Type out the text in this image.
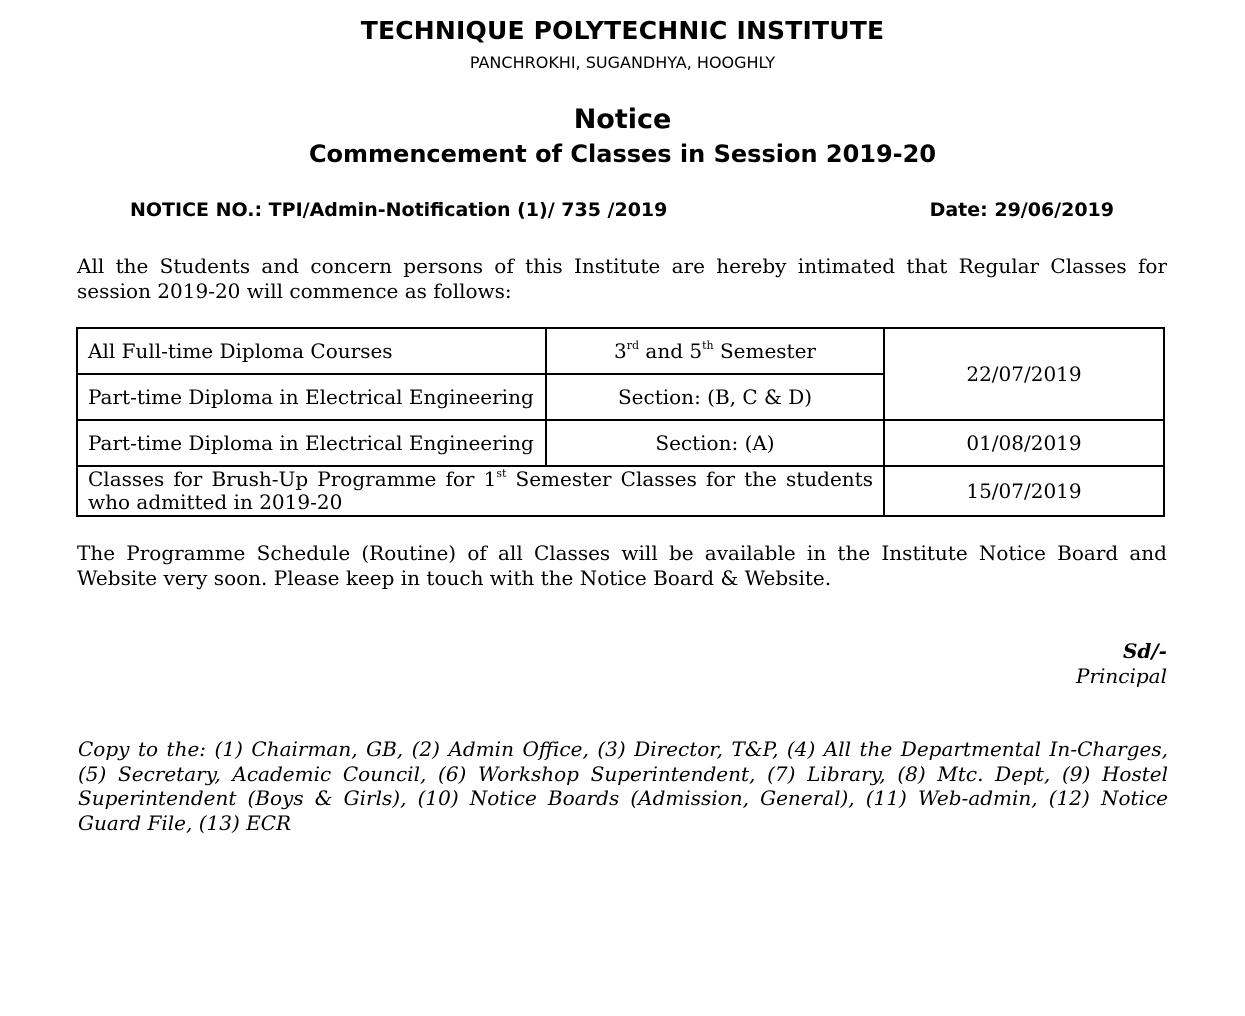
TECHNIQUE POLYTECHNIC INSTITUTE
PANCHROKHI, SUGANDHYA, HOOGHLY
Notice
Commencement of Classes in Session 2019-20
NOTICE NO.: TPI/Admin-Notification (1)/ 735 /2019	Date: 29/06/2019
All the Students and concern persons of this Institute are hereby intimated that Regular Classes for session 2019-20 will commence as follows:
All Full-time Diploma Courses	3rd and 5th Semester	22/07/2019
Part-time Diploma in Electrical Engineering	Section: (B, C & D)	
Part-time Diploma in Electrical Engineering	Section: (A)	01/08/2019
Classes for Brush-Up Programme for 1st Semester Classes for the students who admitted in 2019-20		15/07/2019
The Programme Schedule (Routine) of all Classes will be available in the Institute Notice Board and Website very soon. Please keep in touch with the Notice Board & Website.
Sd/-
Principal
Copy to the: (1) Chairman, GB, (2) Admin Office, (3) Director, T&P, (4) All the Departmental In-Charges, (5) Secretary, Academic Council, (6) Workshop Superintendent, (7) Library, (8) Mtc. Dept, (9) Hostel Superintendent (Boys & Girls), (10) Notice Boards (Admission, General), (11) Web-admin, (12) Notice Guard File, (13) ECR
